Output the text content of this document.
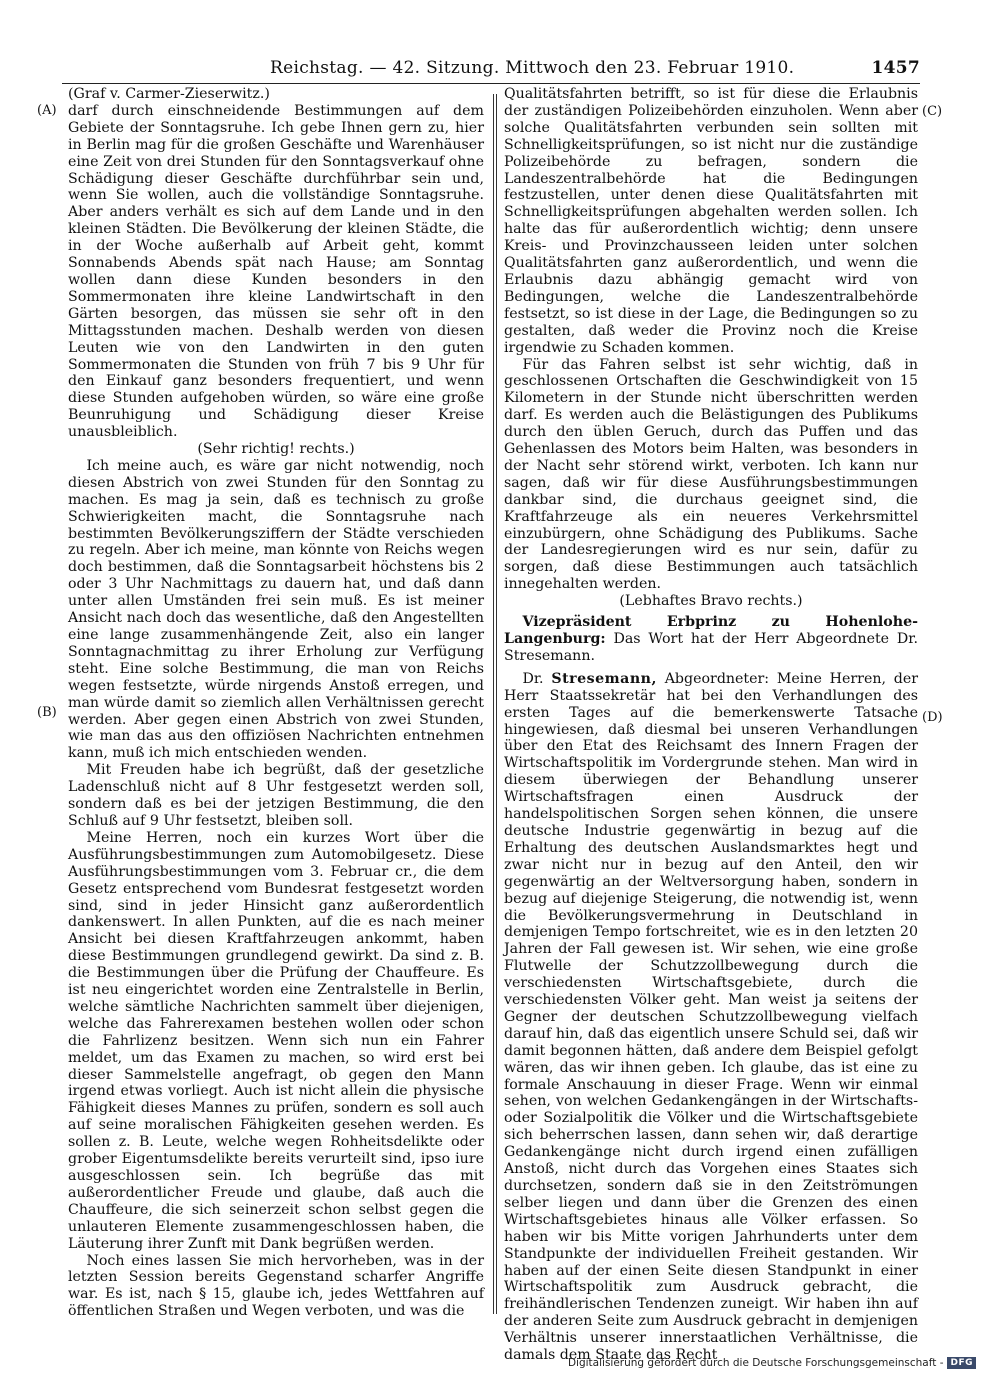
Reichstag. — 42. Sitzung. Mittwoch den 23. Februar 1910.	1457
(A)
(B)
(C)
(D)

(Graf v. Carmer-Zieserwitz.)

darf durch einschneidende Bestimmungen auf dem Gebiete der Sonntagsruhe. Ich gebe Ihnen gern zu, hier in Berlin mag für die großen Geschäfte und Warenhäuser eine Zeit von drei Stunden für den Sonntagsverkauf ohne Schädigung dieser Geschäfte durchführbar sein und, wenn Sie wollen, auch die vollständige Sonntagsruhe. Aber anders verhält es sich auf dem Lande und in den kleinen Städten. Die Bevölkerung der kleinen Städte, die in der Woche außerhalb auf Arbeit geht, kommt Sonnabends Abends spät nach Hause; am Sonntag wollen dann diese Kunden besonders in den Sommermonaten ihre kleine Landwirtschaft in den Gärten besorgen, das müssen sie sehr oft in den Mittagsstunden machen. Deshalb werden von diesen Leuten wie von den Landwirten in den guten Sommermonaten die Stunden von früh 7 bis 9 Uhr für den Einkauf ganz besonders frequentiert, und wenn diese Stunden aufgehoben würden, so wäre eine große Beunruhigung und Schädigung dieser Kreise unausbleiblich.

(Sehr richtig! rechts.)

Ich meine auch, es wäre gar nicht notwendig, noch diesen Abstrich von zwei Stunden für den Sonntag zu machen. Es mag ja sein, daß es technisch zu große Schwierigkeiten macht, die Sonntagsruhe nach bestimmten Bevölkerungsziffern der Städte verschieden zu regeln. Aber ich meine, man könnte von Reichs wegen doch bestimmen, daß die Sonntagsarbeit höchstens bis 2 oder 3 Uhr Nachmittags zu dauern hat, und daß dann unter allen Umständen frei sein muß. Es ist meiner Ansicht nach doch das wesentliche, daß den Angestellten eine lange zusammenhängende Zeit, also ein langer Sonntagnachmittag zu ihrer Erholung zur Verfügung steht. Eine solche Bestimmung, die man von Reichs wegen festsetzte, würde nirgends Anstoß erregen, und man würde damit so ziemlich allen Verhältnissen gerecht werden. Aber gegen einen Abstrich von zwei Stunden, wie man das aus den offiziösen Nachrichten entnehmen kann, muß ich mich entschieden wenden.

Mit Freuden habe ich begrüßt, daß der gesetzliche Ladenschluß nicht auf 8 Uhr festgesetzt werden soll, sondern daß es bei der jetzigen Bestimmung, die den Schluß auf 9 Uhr festsetzt, bleiben soll.

Meine Herren, noch ein kurzes Wort über die Ausführungsbestimmungen zum Automobilgesetz. Diese Ausführungsbestimmungen vom 3. Februar cr., die dem Gesetz entsprechend vom Bundesrat festgesetzt worden sind, sind in jeder Hinsicht ganz außerordentlich dankenswert. In allen Punkten, auf die es nach meiner Ansicht bei diesen Kraftfahrzeugen ankommt, haben diese Bestimmungen grundlegend gewirkt. Da sind z. B. die Bestimmungen über die Prüfung der Chauffeure. Es ist neu eingerichtet worden eine Zentralstelle in Berlin, welche sämtliche Nachrichten sammelt über diejenigen, welche das Fahrerexamen bestehen wollen oder schon die Fahrlizenz besitzen. Wenn sich nun ein Fahrer meldet, um das Examen zu machen, so wird erst bei dieser Sammelstelle angefragt, ob gegen den Mann irgend etwas vorliegt. Auch ist nicht allein die physische Fähigkeit dieses Mannes zu prüfen, sondern es soll auch auf seine moralischen Fähigkeiten gesehen werden. Es sollen z. B. Leute, welche wegen Rohheitsdelikte oder grober Eigentumsdelikte bereits verurteilt sind, ipso iure ausgeschlossen sein. Ich begrüße das mit außerordentlicher Freude und glaube, daß auch die Chauffeure, die sich seinerzeit schon selbst gegen die unlauteren Elemente zusammengeschlossen haben, die Läuterung ihrer Zunft mit Dank begrüßen werden.

Noch eines lassen Sie mich hervorheben, was in der letzten Session bereits Gegenstand scharfer Angriffe war. Es ist, nach § 15, glaube ich, jedes Wettfahren auf öffentlichen Straßen und Wegen verboten, und was die

Qualitätsfahrten betrifft, so ist für diese die Erlaubnis der zuständigen Polizeibehörden einzuholen. Wenn aber solche Qualitätsfahrten verbunden sein sollten mit Schnelligkeitsprüfungen, so ist nicht nur die zuständige Polizeibehörde zu befragen, sondern die Landeszentralbehörde hat die Bedingungen festzustellen, unter denen diese Qualitätsfahrten mit Schnelligkeitsprüfungen abgehalten werden sollen. Ich halte das für außerordentlich wichtig; denn unsere Kreis- und Provinzchausseen leiden unter solchen Qualitätsfahrten ganz außerordentlich, und wenn die Erlaubnis dazu abhängig gemacht wird von Bedingungen, welche die Landeszentralbehörde festsetzt, so ist diese in der Lage, die Bedingungen so zu gestalten, daß weder die Provinz noch die Kreise irgendwie zu Schaden kommen.

Für das Fahren selbst ist sehr wichtig, daß in geschlossenen Ortschaften die Geschwindigkeit von 15 Kilometern in der Stunde nicht überschritten werden darf. Es werden auch die Belästigungen des Publikums durch den üblen Geruch, durch das Puffen und das Gehenlassen des Motors beim Halten, was besonders in der Nacht sehr störend wirkt, verboten. Ich kann nur sagen, daß wir für diese Ausführungsbestimmungen dankbar sind, die durchaus geeignet sind, die Kraftfahrzeuge als ein neueres Verkehrsmittel einzubürgern, ohne Schädigung des Publikums. Sache der Landesregierungen wird es nur sein, dafür zu sorgen, daß diese Bestimmungen auch tatsächlich innegehalten werden.

(Lebhaftes Bravo rechts.)

Vizepräsident Erbprinz zu Hohenlohe-Langenburg: Das Wort hat der Herr Abgeordnete Dr. Stresemann.

Dr. Stresemann, Abgeordneter: Meine Herren, der Herr Staatssekretär hat bei den Verhandlungen des ersten Tages auf die bemerkenswerte Tatsache hingewiesen, daß diesmal bei unseren Verhandlungen über den Etat des Reichsamt des Innern Fragen der Wirtschaftspolitik im Vordergrunde stehen. Man wird in diesem überwiegen der Behandlung unserer Wirtschaftsfragen einen Ausdruck der handelspolitischen Sorgen sehen können, die unsere deutsche Industrie gegenwärtig in bezug auf die Erhaltung des deutschen Auslandsmarktes hegt und zwar nicht nur in bezug auf den Anteil, den wir gegenwärtig an der Weltversorgung haben, sondern in bezug auf diejenige Steigerung, die notwendig ist, wenn die Bevölkerungsvermehrung in Deutschland in demjenigen Tempo fortschreitet, wie es in den letzten 20 Jahren der Fall gewesen ist. Wir sehen, wie eine große Flutwelle der Schutzzollbewegung durch die verschiedensten Wirtschaftsgebiete, durch die verschiedensten Völker geht. Man weist ja seitens der Gegner der deutschen Schutzzollbewegung vielfach darauf hin, daß das eigentlich unsere Schuld sei, daß wir damit begonnen hätten, daß andere dem Beispiel gefolgt wären, das wir ihnen geben. Ich glaube, das ist eine zu formale Anschauung in dieser Frage. Wenn wir einmal sehen, von welchen Gedankengängen in der Wirtschafts- oder Sozialpolitik die Völker und die Wirtschaftsgebiete sich beherrschen lassen, dann sehen wir, daß derartige Gedankengänge nicht durch irgend einen zufälligen Anstoß, nicht durch das Vorgehen eines Staates sich durchsetzen, sondern daß sie in den Zeitströmungen selber liegen und dann über die Grenzen des einen Wirtschaftsgebietes hinaus alle Völker erfassen. So haben wir bis Mitte vorigen Jahrhunderts unter dem Standpunkte der individuellen Freiheit gestanden. Wir haben auf der einen Seite diesen Standpunkt in einer Wirtschaftspolitik zum Ausdruck gebracht, die freihändlerischen Tendenzen zuneigt. Wir haben ihn auf der anderen Seite zum Ausdruck gebracht in demjenigen Verhältnis unserer innerstaatlichen Verhältnisse, die damals dem Staate das Recht

Digitalisierung gefördert durch die Deutsche Forschungsgemeinschaft - DFG
